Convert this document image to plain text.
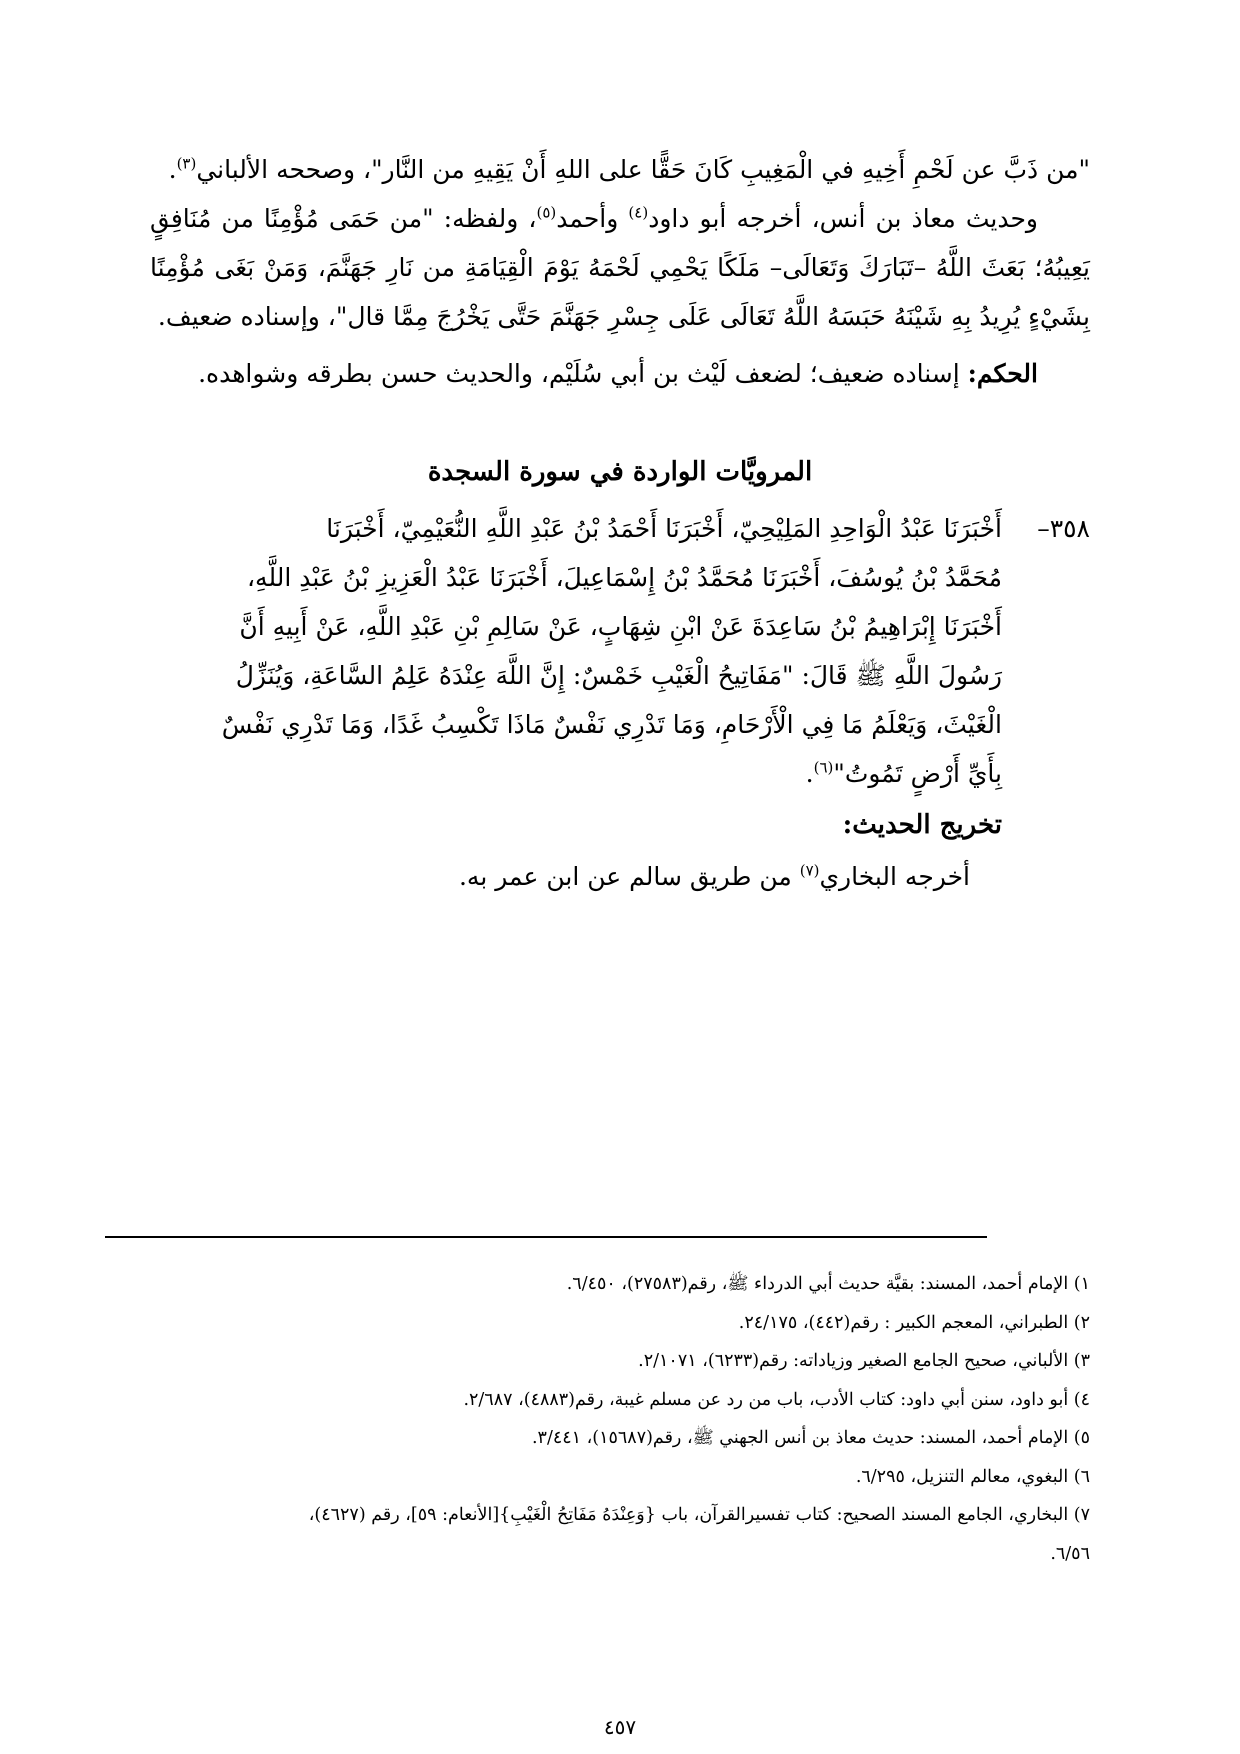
"من ذَبَّ عن لَحْمِ أَخِيهِ في الْمَغِيبِ كَانَ حَقًّا على اللهِ أَنْ يَقِيهِ من النَّار"، وصححه الألباني$^{(٣)}$.

وحديث معاذ بن أنس، أخرجه أبو داود$^{(٤)}$ وأحمد$^{(٥)}$، ولفظه: "من حَمَى مُؤْمِنًا من مُنَافِقٍ يَعِيبُهُ؛ بَعَثَ اللَّهُ –تَبَارَكَ وَتَعَالَى– مَلَكًا يَحْمِي لَحْمَهُ يَوْمَ الْقِيَامَةِ من نَارِ جَهَنَّمَ، وَمَنْ بَغَى مُؤْمِنًا بِشَيْءٍ يُرِيدُ بِهِ شَيْنَهُ حَبَسَهُ اللَّهُ تَعَالَى عَلَى جِسْرِ جَهَنَّمَ حَتَّى يَخْرُجَ مِمَّا قال"، وإسناده ضعيف.

الحكم: إسناده ضعيف؛ لضعف لَيْث بن أبي سُلَيْم، والحديث حسن بطرقه وشواهده.

المرويَّات الواردة في سورة السجدة
٣٥٨–

أَخْبَرَنَا عَبْدُ الْوَاحِدِ المَلِيْحِيّ، أَخْبَرَنَا أَحْمَدُ بْنُ عَبْدِ اللَّهِ النُّعَيْمِيّ، أَخْبَرَنَا

مُحَمَّدُ بْنُ يُوسُفَ، أَخْبَرَنَا مُحَمَّدُ بْنُ إِسْمَاعِيلَ، أَخْبَرَنَا عَبْدُ الْعَزِيزِ بْنُ عَبْدِ اللَّهِ،

أَخْبَرَنَا إِبْرَاهِيمُ بْنُ سَاعِدَةَ عَنْ ابْنِ شِهَابٍ، عَنْ سَالِمِ بْنِ عَبْدِ اللَّهِ، عَنْ أَبِيهِ أَنَّ

رَسُولَ اللَّهِ ﷺ قَالَ: "مَفَاتِيحُ الْغَيْبِ خَمْسٌ: إِنَّ اللَّهَ عِنْدَهُ عَلِمُ السَّاعَةِ، وَيُنَزِّلُ

الْغَيْثَ، وَيَعْلَمُ مَا فِي الْأَرْحَامِ، وَمَا تَدْرِي نَفْسٌ مَاذَا تَكْسِبُ غَدًا، وَمَا تَدْرِي نَفْسٌ

بِأَيِّ أَرْضٍ تَمُوتُ"$^{(٦)}$.

تخريج الحديث:

أخرجه البخاري$^{(٧)}$ من طريق سالم عن ابن عمر به.

١) الإمام أحمد، المسند: بقيَّة حديث أبي الدرداء ﷺ، رقم(٢٧٥٨٣)، ٦/٤٥٠.

٢) الطبراني، المعجم الكبير : رقم(٤٤٢)، ٢٤/١٧٥.

٣) الألباني، صحيح الجامع الصغير وزياداته: رقم(٦٢٣٣)، ٢/١٠٧١.

٤) أبو داود، سنن أبي داود: كتاب الأدب، باب من رد عن مسلم غيبة، رقم(٤٨٨٣)، ٢/٦٨٧.

٥) الإمام أحمد، المسند: حديث معاذ بن أنس الجهني ﷺ، رقم(١٥٦٨٧)، ٣/٤٤١.

٦) البغوي، معالم التنزيل، ٦/٢٩٥.

٧) البخاري، الجامع المسند الصحيح: كتاب تفسيرالقرآن، باب {وَعِنْدَهُ مَفَاتِحُ الْغَيْبِ}[الأنعام: ٥٩]، رقم (٤٦٢٧)،

٦/٥٦.

٤٥٧
